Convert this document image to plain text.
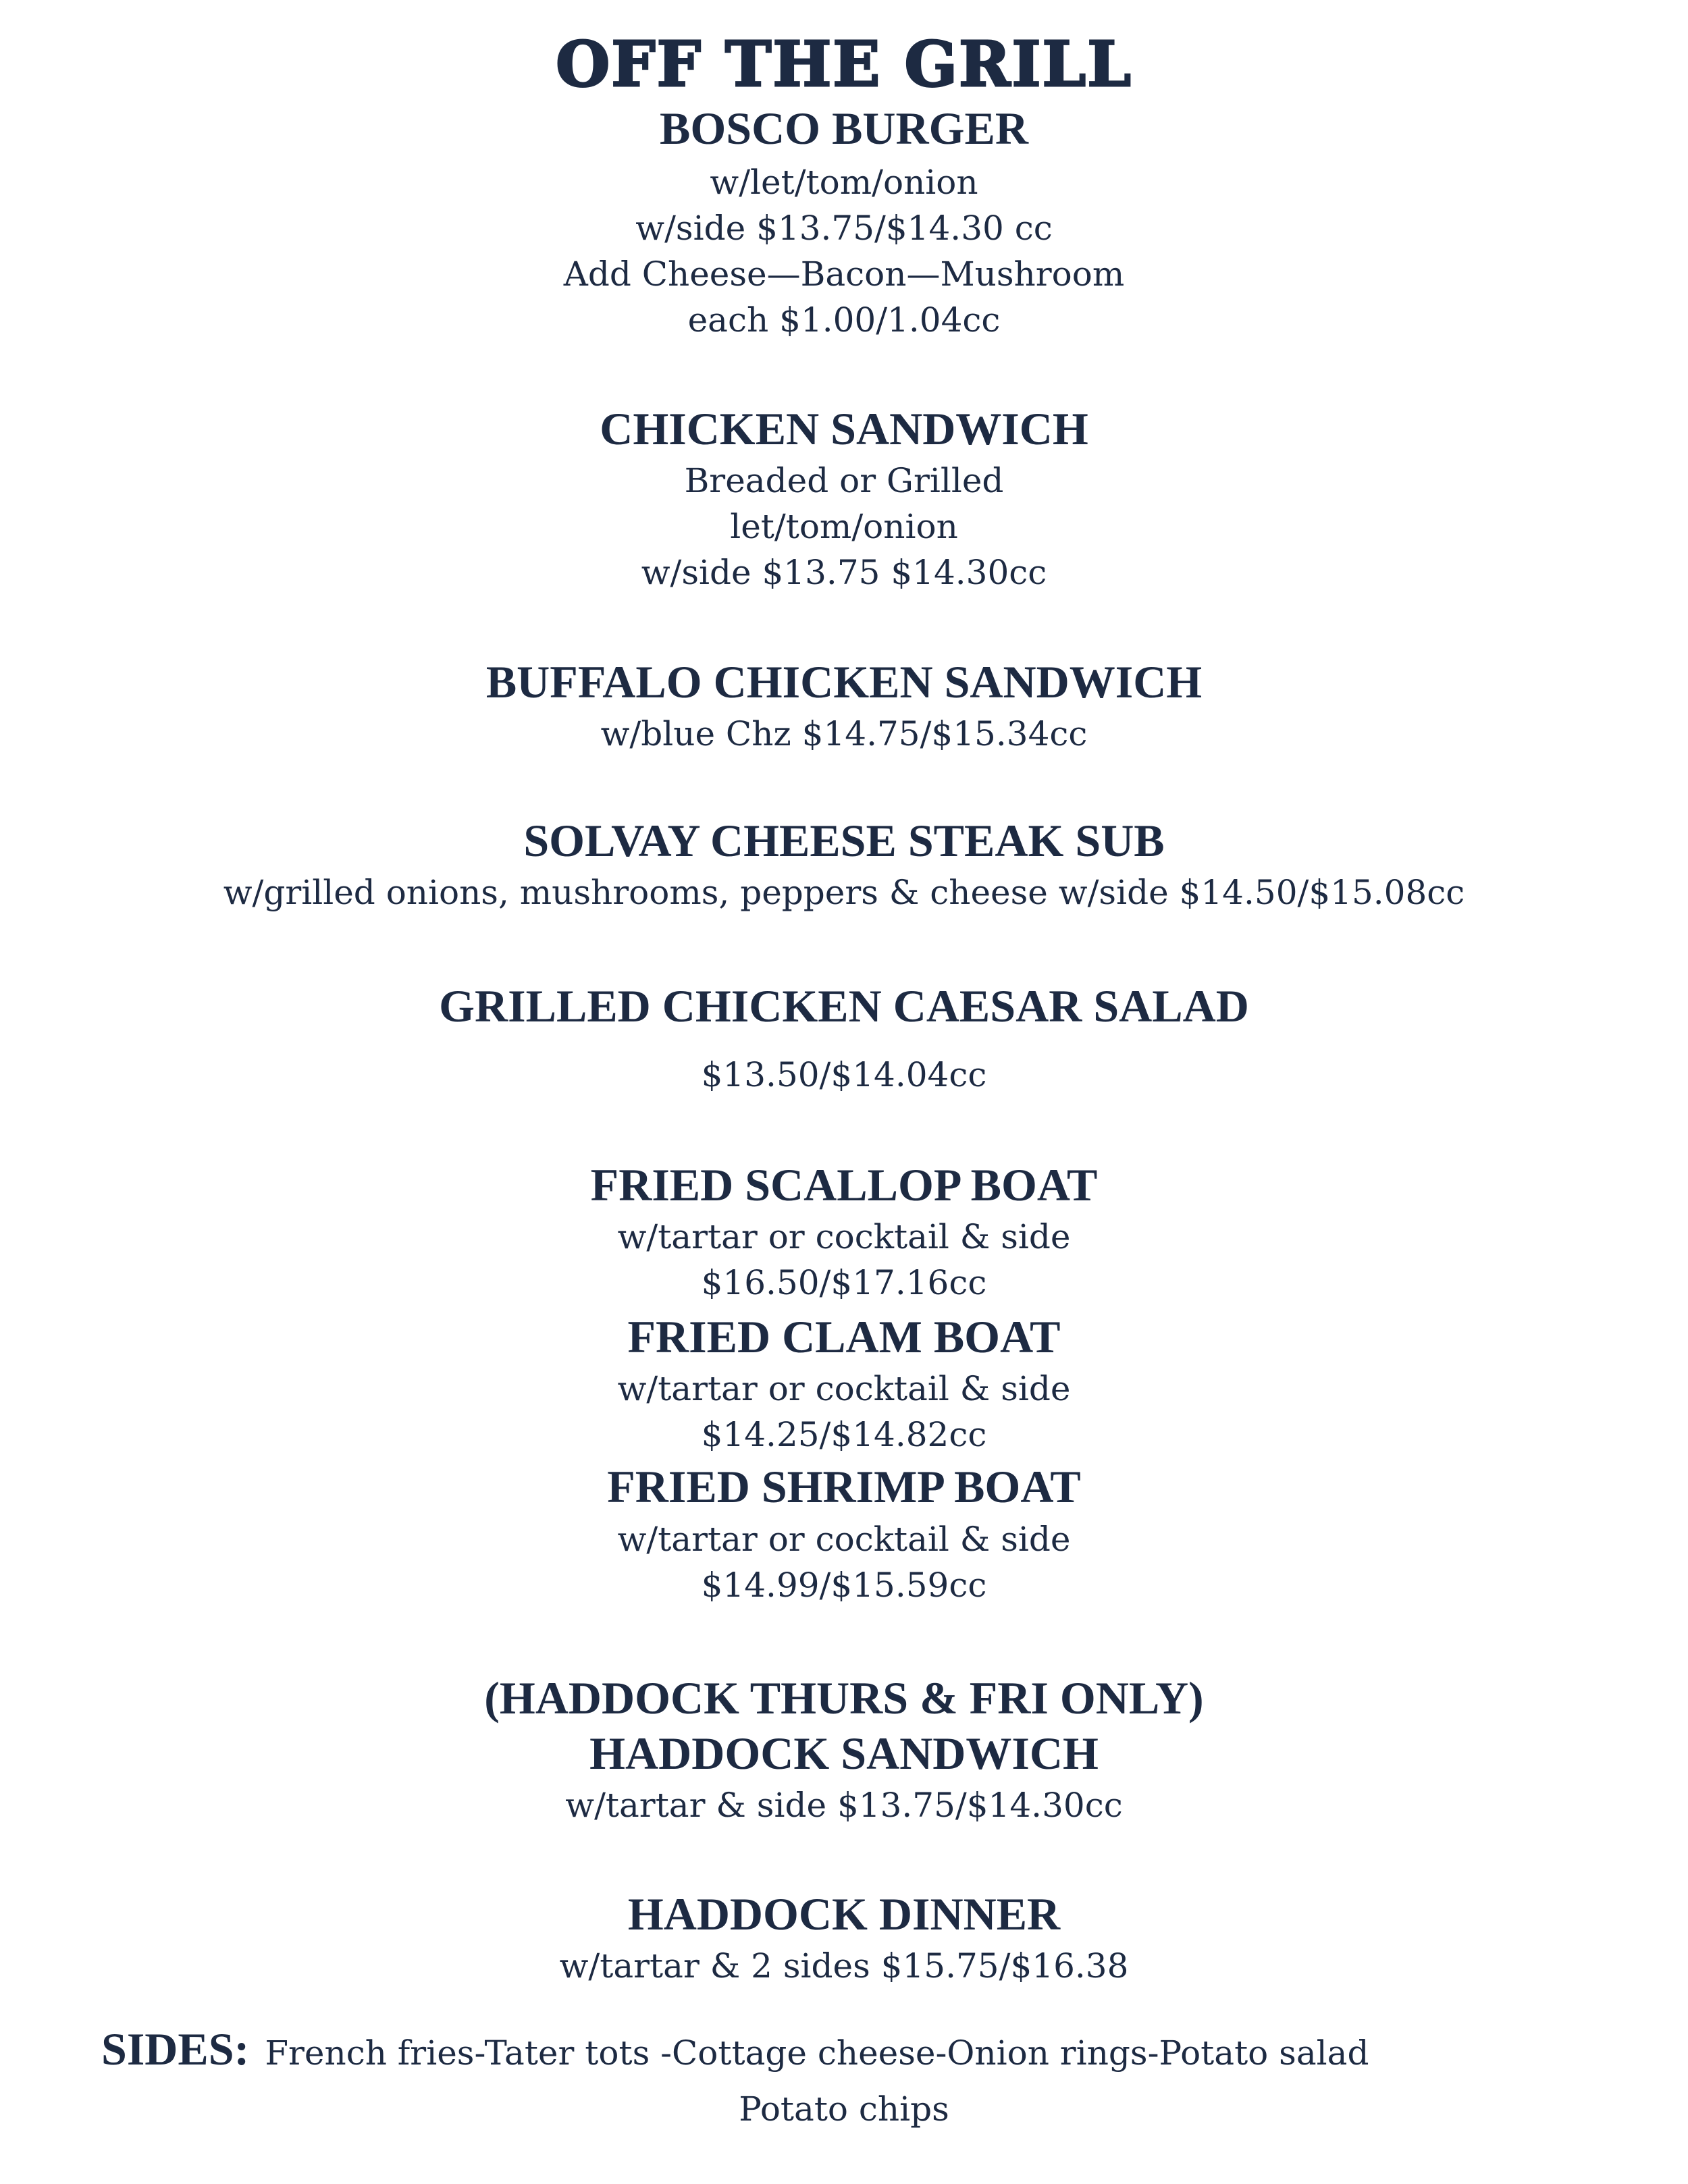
OFF THE GRILL
BOSCO BURGER
w/let/tom/onion
w/side $13.75/$14.30 cc
Add Cheese—Bacon—Mushroom
each $1.00/1.04cc
CHICKEN SANDWICH
Breaded or Grilled
let/tom/onion
w/side $13.75 $14.30cc
BUFFALO CHICKEN SANDWICH
w/blue Chz $14.75/$15.34cc
SOLVAY CHEESE STEAK SUB
w/grilled onions, mushrooms, peppers & cheese w/side $14.50/$15.08cc
GRILLED CHICKEN CAESAR SALAD
$13.50/$14.04cc
FRIED SCALLOP BOAT
w/tartar or cocktail & side
$16.50/$17.16cc
FRIED CLAM BOAT
w/tartar or cocktail & side
$14.25/$14.82cc
FRIED SHRIMP BOAT
w/tartar or cocktail & side
$14.99/$15.59cc
(HADDOCK THURS & FRI ONLY)
HADDOCK SANDWICH
w/tartar & side $13.75/$14.30cc
HADDOCK DINNER
w/tartar & 2 sides $15.75/$16.38
SIDES: French fries-Tater tots -Cottage cheese-Onion rings-Potato salad
Potato chips
